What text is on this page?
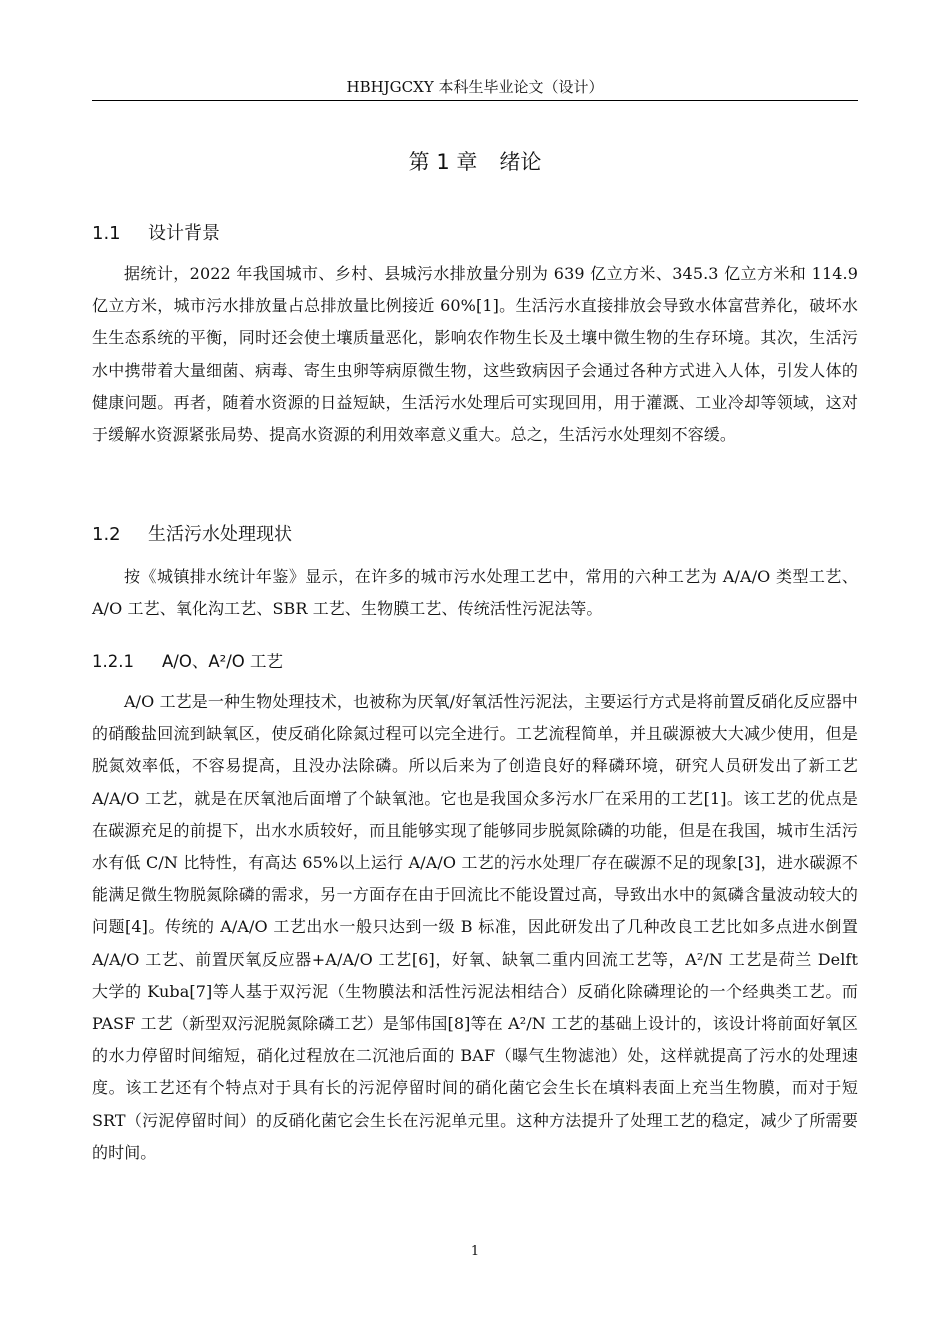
HBHJGCXY 本科生毕业论文（设计）
第 1 章 绪论
1.1 设计背景
据统计，2022 年我国城市、乡村、县城污水排放量分别为 639 亿立方米、345.3 亿立方米和 114.9 亿立方米，城市污水排放量占总排放量比例接近 60%[1]。生活污水直接排放会导致水体富营养化，破坏水生生态系统的平衡，同时还会使土壤质量恶化，影响农作物生长及土壤中微生物的生存环境。其次，生活污水中携带着大量细菌、病毒、寄生虫卵等病原微生物，这些致病因子会通过各种方式进入人体，引发人体的健康问题。再者，随着水资源的日益短缺，生活污水处理后可实现回用，用于灌溉、工业冷却等领域，这对于缓解水资源紧张局势、提高水资源的利用效率意义重大。总之，生活污水处理刻不容缓。
1.2 生活污水处理现状
按《城镇排水统计年鉴》显示，在许多的城市污水处理工艺中，常用的六种工艺为 A/A/O 类型工艺、A/O 工艺、氧化沟工艺、SBR 工艺、生物膜工艺、传统活性污泥法等。
1.2.1 A/O、A²/O 工艺
A/O 工艺是一种生物处理技术，也被称为厌氧/好氧活性污泥法，主要运行方式是将前置反硝化反应器中的硝酸盐回流到缺氧区，使反硝化除氮过程可以完全进行。工艺流程简单，并且碳源被大大减少使用，但是脱氮效率低，不容易提高，且没办法除磷。所以后来为了创造良好的释磷环境，研究人员研发出了新工艺 A/A/O 工艺，就是在厌氧池后面增了个缺氧池。它也是我国众多污水厂在采用的工艺[1]。该工艺的优点是在碳源充足的前提下，出水水质较好，而且能够实现了能够同步脱氮除磷的功能，但是在我国，城市生活污水有低 C/N 比特性，有高达 65%以上运行 A/A/O 工艺的污水处理厂存在碳源不足的现象[3]，进水碳源不能满足微生物脱氮除磷的需求，另一方面存在由于回流比不能设置过高，导致出水中的氮磷含量波动较大的问题[4]。传统的 A/A/O 工艺出水一般只达到一级 B 标准，因此研发出了几种改良工艺比如多点进水倒置 A/A/O 工艺、前置厌氧反应器+A/A/O 工艺[6]，好氧、缺氧二重内回流工艺等，A²/N 工艺是荷兰 Delft 大学的 Kuba[7]等人基于双污泥（生物膜法和活性污泥法相结合）反硝化除磷理论的一个经典类工艺。而 PASF 工艺（新型双污泥脱氮除磷工艺）是邹伟国[8]等在 A²/N 工艺的基础上设计的，该设计将前面好氧区的水力停留时间缩短，硝化过程放在二沉池后面的 BAF（曝气生物滤池）处，这样就提高了污水的处理速度。该工艺还有个特点对于具有长的污泥停留时间的硝化菌它会生长在填料表面上充当生物膜，而对于短 SRT（污泥停留时间）的反硝化菌它会生长在污泥单元里。这种方法提升了处理工艺的稳定，减少了所需要的时间。
1
